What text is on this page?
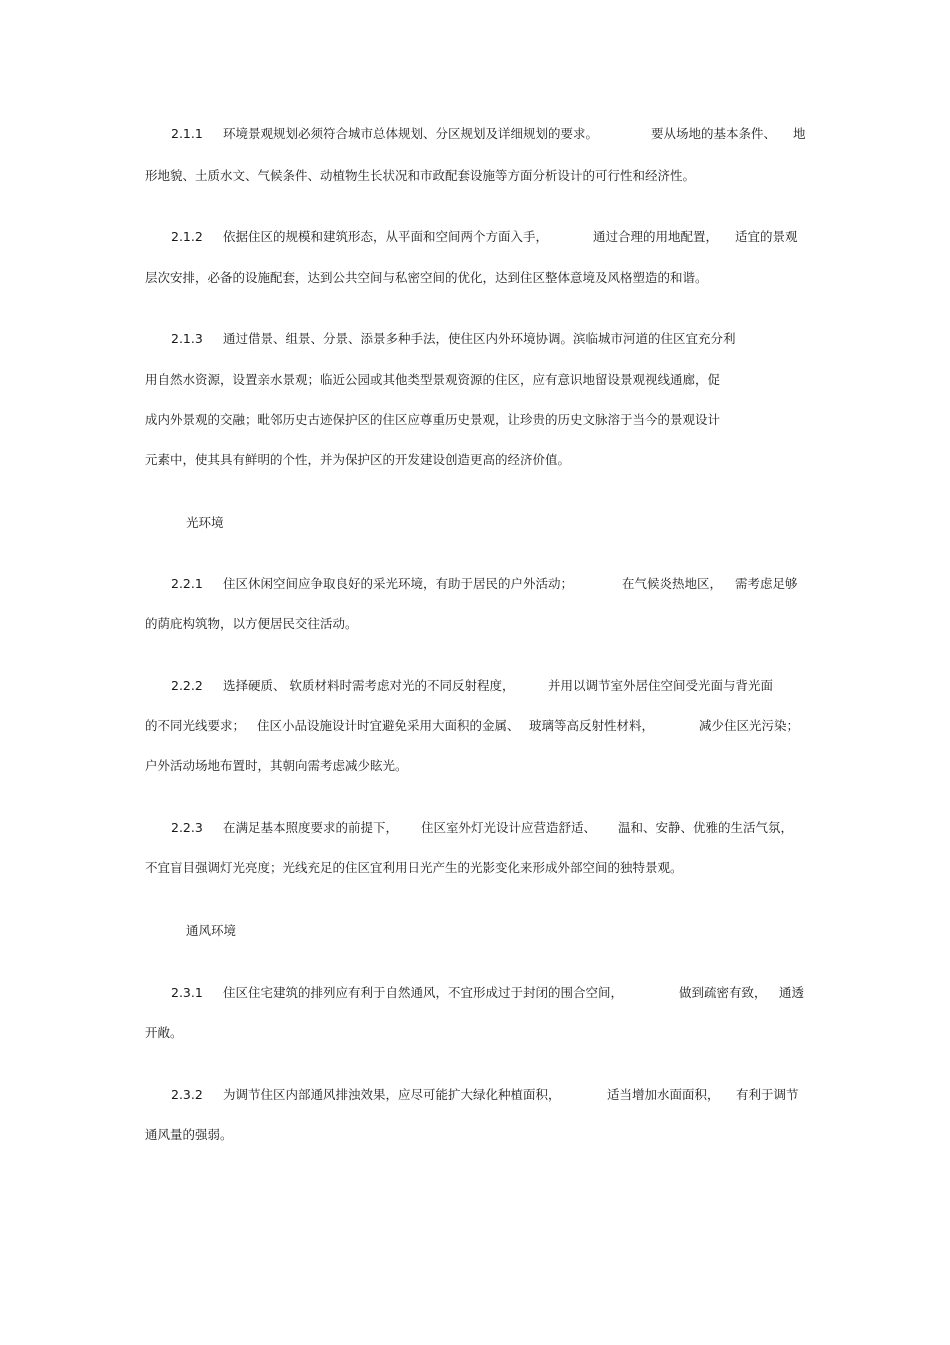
2.1.1 环境景观规划必须符合城市总体规划、分区规划及详细规划的要求。	要从场地的基本条件、 地
形地貌、土质水文、气候条件、动植物生长状况和市政配套设施等方面分析设计的可行性和经济性。
2.1.2 依据住区的规模和建筑形态，从平面和空间两个方面入手，	通过合理的用地配置， 适宜的景观
层次安排，必备的设施配套，达到公共空间与私密空间的优化，达到住区整体意境及风格塑造的和谐。
2.1.3 通过借景、组景、分景、添景多种手法，使住区内外环境协调。滨临城市河道的住区宜充分利
用自然水资源，设置亲水景观；临近公园或其他类型景观资源的住区，应有意识地留设景观视线通廊，促
成内外景观的交融；毗邻历史古迹保护区的住区应尊重历史景观，让珍贵的历史文脉溶于当今的景观设计
元素中，使其具有鲜明的个性，并为保护区的开发建设创造更高的经济价值。
光环境
2.2.1 住区休闲空间应争取良好的采光环境，有助于居民的户外活动；	在气候炎热地区， 需考虑足够
的荫庇构筑物，以方便居民交往活动。
2.2.2 选择硬质、 软质材料时需考虑对光的不同反射程度，	并用以调节室外居住空间受光面与背光面
的不同光线要求； 住区小品设施设计时宜避免采用大面积的金属、 玻璃等高反射性材料，	减少住区光污染；
户外活动场地布置时，其朝向需考虑减少眩光。
2.2.3 在满足基本照度要求的前提下， 住区室外灯光设计应营造舒适、 温和、安静、优雅的生活气氛，
不宜盲目强调灯光亮度；光线充足的住区宜利用日光产生的光影变化来形成外部空间的独特景观。
通风环境
2.3.1 住区住宅建筑的排列应有利于自然通风，不宜形成过于封闭的围合空间，	做到疏密有致， 通透
开敞。
2.3.2 为调节住区内部通风排浊效果，应尽可能扩大绿化种植面积，	适当增加水面面积， 有利于调节
通风量的强弱。
